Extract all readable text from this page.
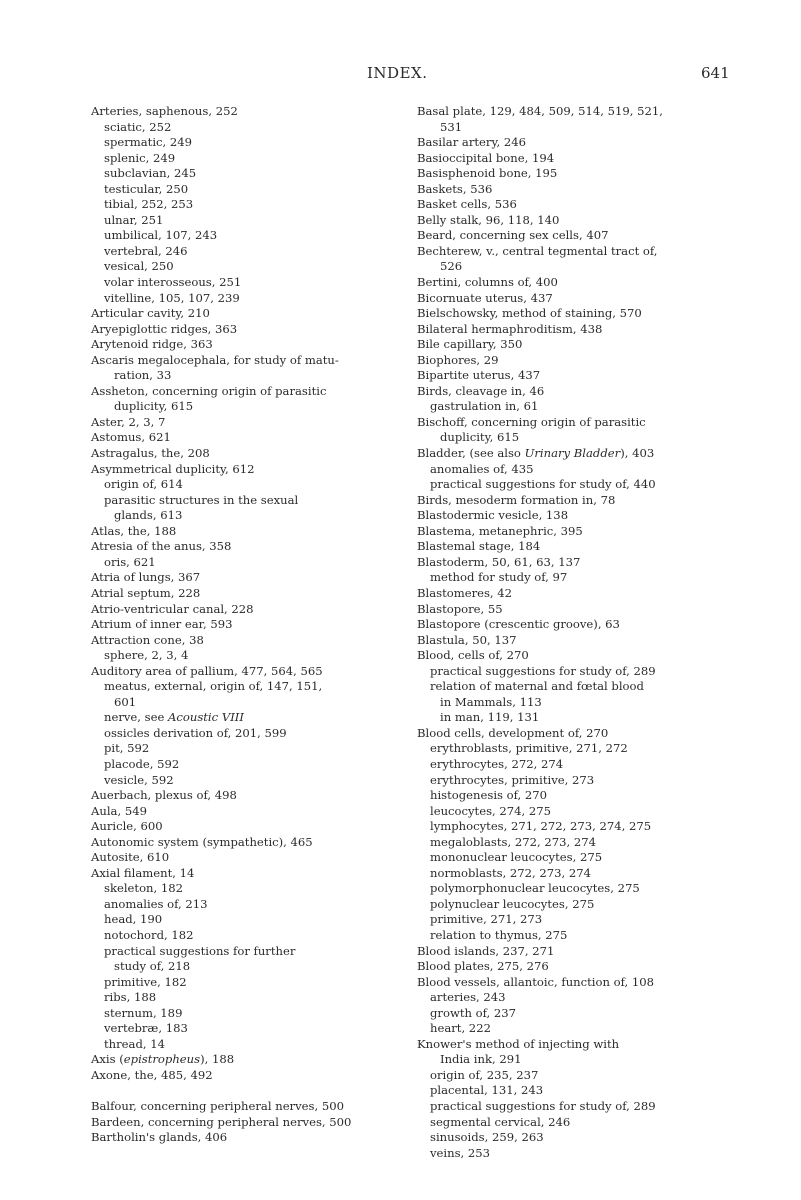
INDEX.	641
Arteries, saphenous, 252
sciatic, 252
spermatic, 249
splenic, 249
subclavian, 245
testicular, 250
tibial, 252, 253
ulnar, 251
umbilical, 107, 243
vertebral, 246
vesical, 250
volar interosseous, 251
vitelline, 105, 107, 239
Articular cavity, 210
Aryepiglottic ridges, 363
Arytenoid ridge, 363
Ascaris megalocephala, for study of matu-
ration, 33
Assheton, concerning origin of parasitic
duplicity, 615
Aster, 2, 3, 7
Astomus, 621
Astragalus, the, 208
Asymmetrical duplicity, 612
origin of, 614
parasitic structures in the sexual
glands, 613
Atlas, the, 188
Atresia of the anus, 358
oris, 621
Atria of lungs, 367
Atrial septum, 228
Atrio-ventricular canal, 228
Atrium of inner ear, 593
Attraction cone, 38
sphere, 2, 3, 4
Auditory area of pallium, 477, 564, 565
meatus, external, origin of, 147, 151,
601
nerve, see Acoustic VIII
ossicles derivation of, 201, 599
pit, 592
placode, 592
vesicle, 592
Auerbach, plexus of, 498
Aula, 549
Auricle, 600
Autonomic system (sympathetic), 465
Autosite, 610
Axial filament, 14
skeleton, 182
anomalies of, 213
head, 190
notochord, 182
practical suggestions for further
study of, 218
primitive, 182
ribs, 188
sternum, 189
vertebræ, 183
thread, 14
Axis (epistropheus), 188
Axone, the, 485, 492
Balfour, concerning peripheral nerves, 500
Bardeen, concerning peripheral nerves, 500
Bartholin's glands, 406
Basal plate, 129, 484, 509, 514, 519, 521,
531
Basilar artery, 246
Basioccipital bone, 194
Basisphenoid bone, 195
Baskets, 536
Basket cells, 536
Belly stalk, 96, 118, 140
Beard, concerning sex cells, 407
Bechterew, v., central tegmental tract of,
526
Bertini, columns of, 400
Bicornuate uterus, 437
Bielschowsky, method of staining, 570
Bilateral hermaphroditism, 438
Bile capillary, 350
Biophores, 29
Bipartite uterus, 437
Birds, cleavage in, 46
gastrulation in, 61
Bischoff, concerning origin of parasitic
duplicity, 615
Bladder, (see also Urinary Bladder), 403
anomalies of, 435
practical suggestions for study of, 440
Birds, mesoderm formation in, 78
Blastodermic vesicle, 138
Blastema, metanephric, 395
Blastemal stage, 184
Blastoderm, 50, 61, 63, 137
method for study of, 97
Blastomeres, 42
Blastopore, 55
Blastopore (crescentic groove), 63
Blastula, 50, 137
Blood, cells of, 270
practical suggestions for study of, 289
relation of maternal and fœtal blood
in Mammals, 113
in man, 119, 131
Blood cells, development of, 270
erythroblasts, primitive, 271, 272
erythrocytes, 272, 274
erythrocytes, primitive, 273
histogenesis of, 270
leucocytes, 274, 275
lymphocytes, 271, 272, 273, 274, 275
megaloblasts, 272, 273, 274
mononuclear leucocytes, 275
normoblasts, 272, 273, 274
polymorphonuclear leucocytes, 275
polynuclear leucocytes, 275
primitive, 271, 273
relation to thymus, 275
Blood islands, 237, 271
Blood plates, 275, 276
Blood vessels, allantoic, function of, 108
arteries, 243
growth of, 237
heart, 222
Knower's method of injecting with
India ink, 291
origin of, 235, 237
placental, 131, 243
practical suggestions for study of, 289
segmental cervical, 246
sinusoids, 259, 263
veins, 253
